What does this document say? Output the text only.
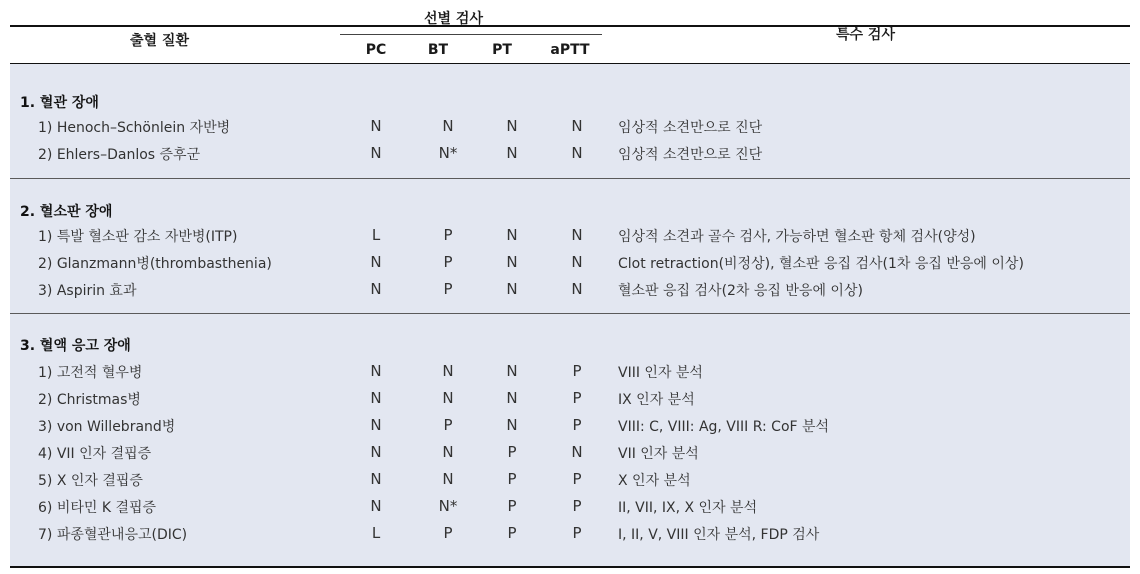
출혈 질환
선별 검사
PC	BT	PT	aPTT
특수 검사
1. 혈관 장애
1) Henoch–Schönlein 자반병	N	N	N	N	임상적 소견만으로 진단
2) Ehlers–Danlos 증후군	N	N*	N	N	임상적 소견만으로 진단
2. 혈소판 장애
1) 특발 혈소판 감소 자반병(ITP)	L	P	N	N	임상적 소견과 골수 검사, 가능하면 혈소판 항체 검사(양성)
2) Glanzmann병(thrombasthenia)	N	P	N	N	Clot retraction(비정상), 혈소판 응집 검사(1차 응집 반응에 이상)
3) Aspirin 효과	N	P	N	N	혈소판 응집 검사(2차 응집 반응에 이상)
3. 혈액 응고 장애
1) 고전적 혈우병	N	N	N	P	VIII 인자 분석
2) Christmas병	N	N	N	P	IX 인자 분석
3) von Willebrand병	N	P	N	P	VIII: C, VIII: Ag, VIII R: CoF 분석
4) VII 인자 결핍증	N	N	P	N	VII 인자 분석
5) X 인자 결핍증	N	N	P	P	X 인자 분석
6) 비타민 K 결핍증	N	N*	P	P	II, VII, IX, X 인자 분석
7) 파종혈관내응고(DIC)	L	P	P	P	I, II, V, VIII 인자 분석, FDP 검사
